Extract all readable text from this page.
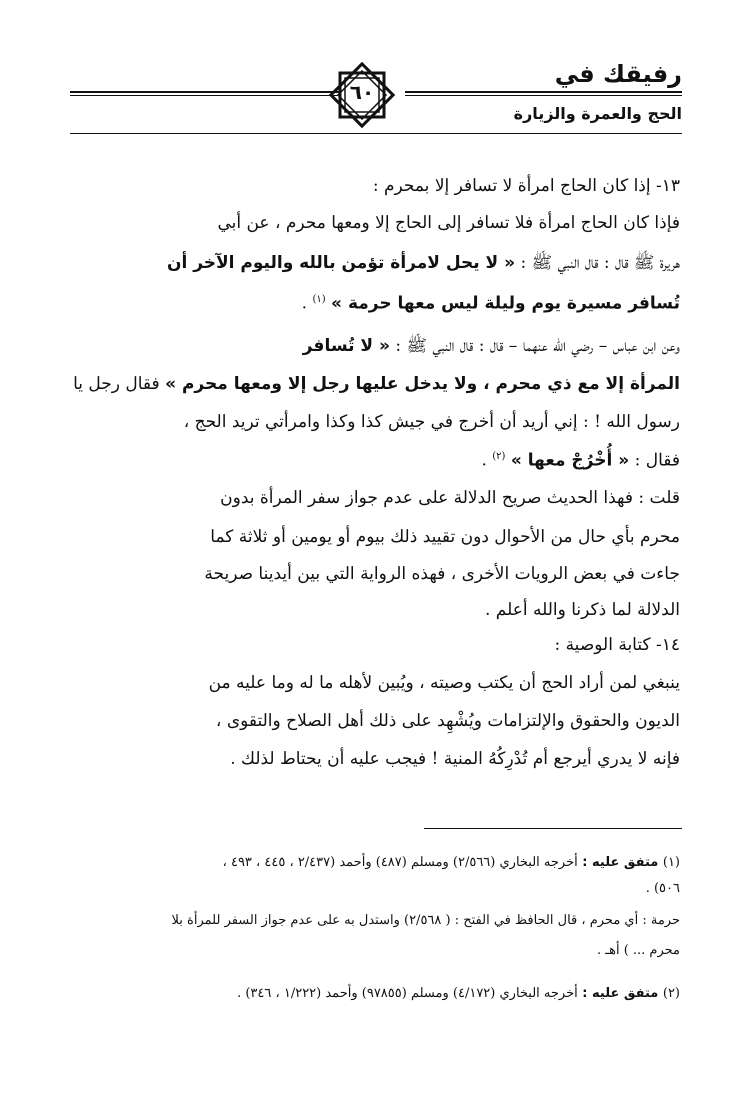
رفيقك في
الحج والعمرة والزيارة
٦٠
١٣- إذا كان الحاج امرأة لا تسافر إلا بمحرم :
فإذا كان الحاج امرأة فلا تسافر إلى الحاج إلا ومعها محرم ، عن أبي
هريرة ﷺ قال : قال النبي ﷺ : « لا يحل لامرأة تؤمن بالله واليوم الآخر أن
تُسافر مسيرة يوم وليلة ليس معها حرمة » $^{(١)}$ .
وعن ابن عباس – رضي الله عنهما – قال : قال النبي ﷺ : « لا تُسافر
المرأة إلا مع ذي محرم ، ولا يدخل عليها رجل إلا ومعها محرم » فقال رجل يا
رسول الله ! : إني أريد أن أخرج في جيش كذا وكذا وامرأتي تريد الحج ،
فقال : « أُخْرُجْ معها » $^{(٢)}$ .
قلت : فهذا الحديث صريح الدلالة على عدم جواز سفر المرأة بدون
محرم بأي حال من الأحوال دون تقييد ذلك بيوم أو يومين أو ثلاثة كما
جاءت في بعض الرويات الأخرى ، فهذه الرواية التي بين أيدينا صريحة
الدلالة لما ذكرنا والله أعلم .
١٤- كتابة الوصية :
ينبغي لمن أراد الحج أن يكتب وصيته ، ويُبين لأهله ما له وما عليه من
الديون والحقوق والإلتزامات ويُشْهِد على ذلك أهل الصلاح والتقوى ،
فإنه لا يدري أيرجع أم تُدْرِكُهُ المنية ! فيجب عليه أن يحتاط لذلك .
(١) متفق عليه : أخرجه البخاري (٢/٥٦٦) ومسلم (٤٨٧) وأحمد (٢/٤٣٧ ، ٤٤٥ ، ٤٩٣ ،
٥٠٦) .
حرمة : أي محرم ، قال الحافظ في الفتح : ( ٢/٥٦٨) واستدل به على عدم جواز السفر للمرأة بلا
محرم ... ) أهـ .
(٢) متفق عليه : أخرجه البخاري (٤/١٧٢) ومسلم (٩٧٨٥٥) وأحمد (١/٢٢٢ ، ٣٤٦) .
